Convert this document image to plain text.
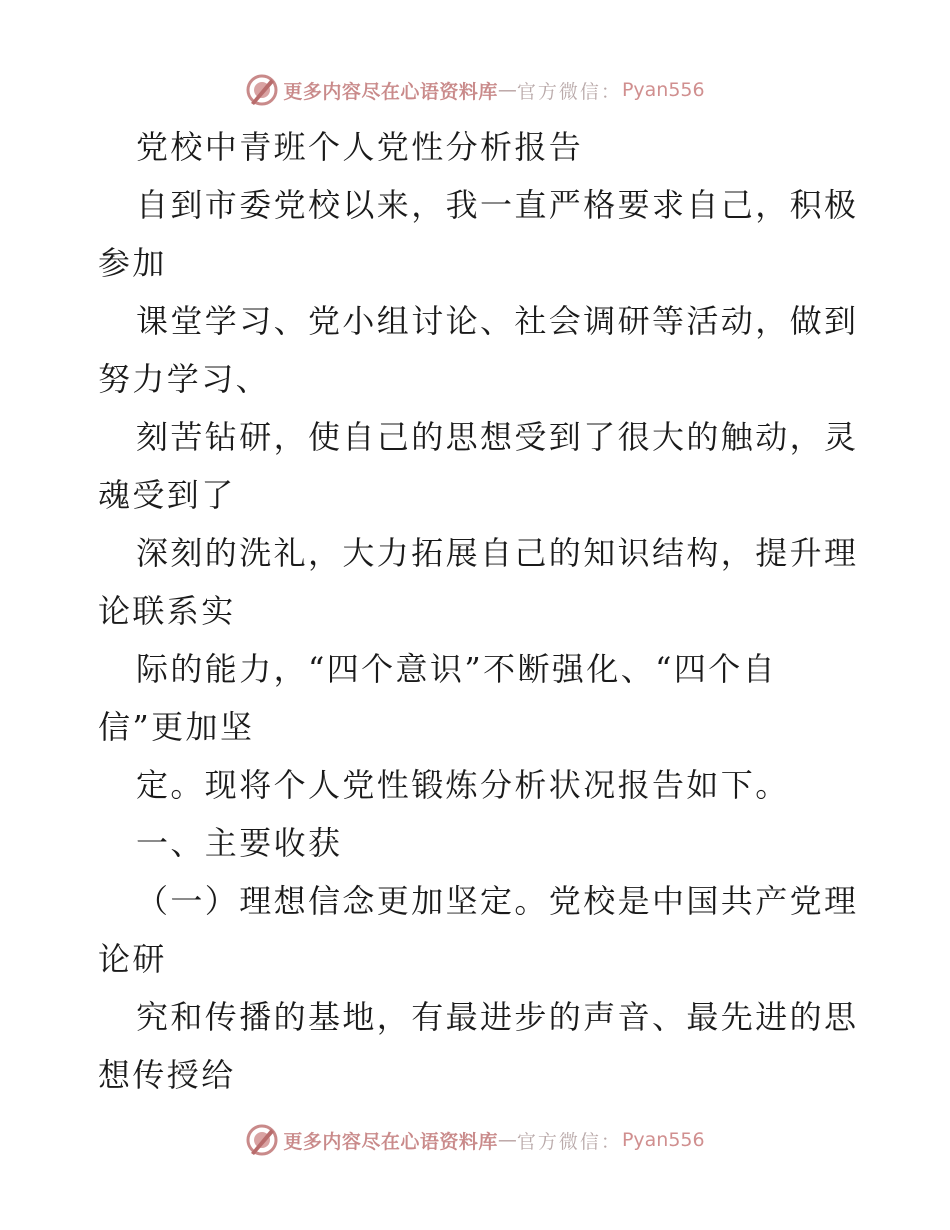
更多内容尽在心语资料库 — 官方微信： Pyan556

党校中青班个人党性分析报告

自到市委党校以来，我一直严格要求自己，积极

参加

课堂学习、党小组讨论、社会调研等活动，做到

努力学习、

刻苦钻研，使自己的思想受到了很大的触动，灵

魂受到了

深刻的洗礼，大力拓展自己的知识结构，提升理

论联系实

际的能力，“四个意识”不断强化、“四个自

信”更加坚

定。现将个人党性锻炼分析状况报告如下。

一、主要收获

（一）理想信念更加坚定。党校是中国共产党理

论研

究和传播的基地，有最进步的声音、最先进的思

想传授给

更多内容尽在心语资料库 — 官方微信： Pyan556
